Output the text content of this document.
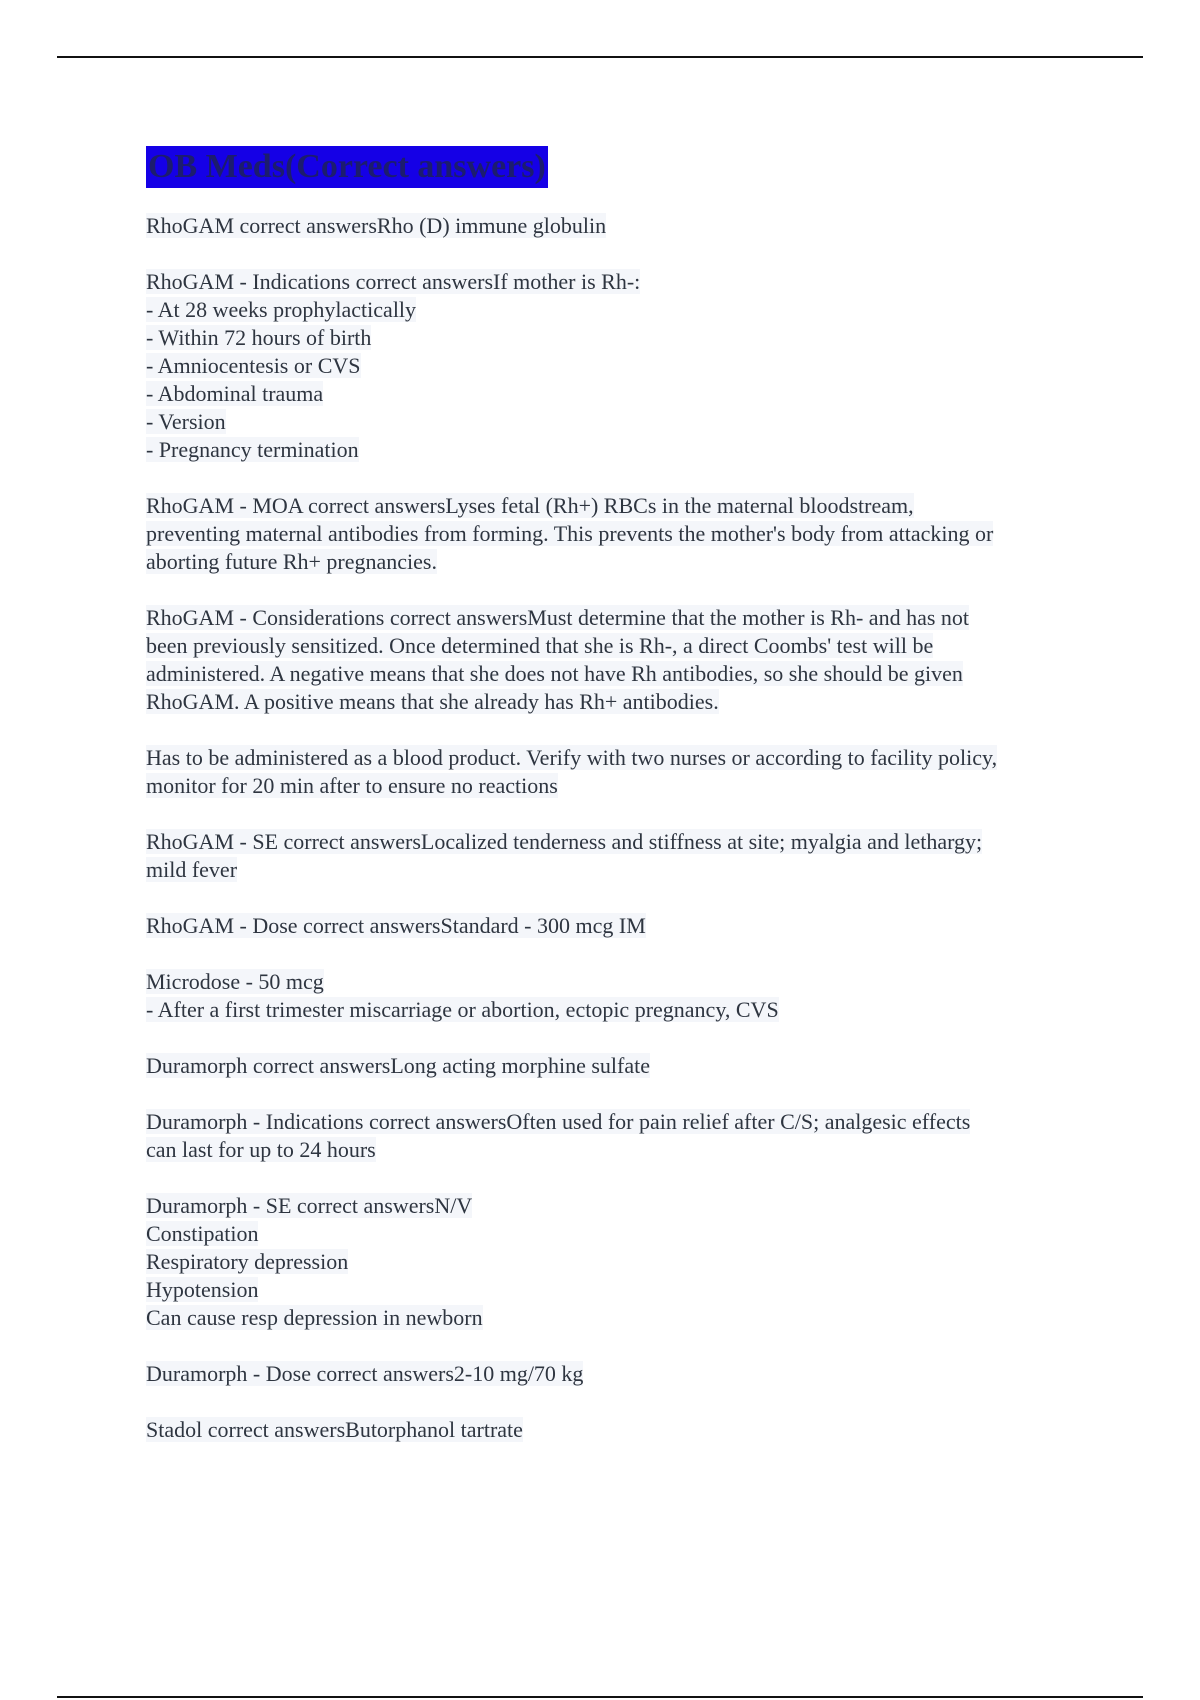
OB Meds(Correct answers)
RhoGAM correct answersRho (D) immune globulin
RhoGAM - Indications correct answersIf mother is Rh-:
- At 28 weeks prophylactically
- Within 72 hours of birth
- Amniocentesis or CVS
- Abdominal trauma
- Version
- Pregnancy termination
RhoGAM - MOA correct answersLyses fetal (Rh+) RBCs in the maternal bloodstream,
preventing maternal antibodies from forming. This prevents the mother's body from attacking or
aborting future Rh+ pregnancies.
RhoGAM - Considerations correct answersMust determine that the mother is Rh- and has not
been previously sensitized. Once determined that she is Rh-, a direct Coombs' test will be
administered. A negative means that she does not have Rh antibodies, so she should be given
RhoGAM. A positive means that she already has Rh+ antibodies.
Has to be administered as a blood product. Verify with two nurses or according to facility policy,
monitor for 20 min after to ensure no reactions
RhoGAM - SE correct answersLocalized tenderness and stiffness at site; myalgia and lethargy;
mild fever
RhoGAM - Dose correct answersStandard - 300 mcg IM
Microdose - 50 mcg
- After a first trimester miscarriage or abortion, ectopic pregnancy, CVS
Duramorph correct answersLong acting morphine sulfate
Duramorph - Indications correct answersOften used for pain relief after C/S; analgesic effects
can last for up to 24 hours
Duramorph - SE correct answersN/V
Constipation
Respiratory depression
Hypotension
Can cause resp depression in newborn
Duramorph - Dose correct answers2-10 mg/70 kg
Stadol correct answersButorphanol tartrate
